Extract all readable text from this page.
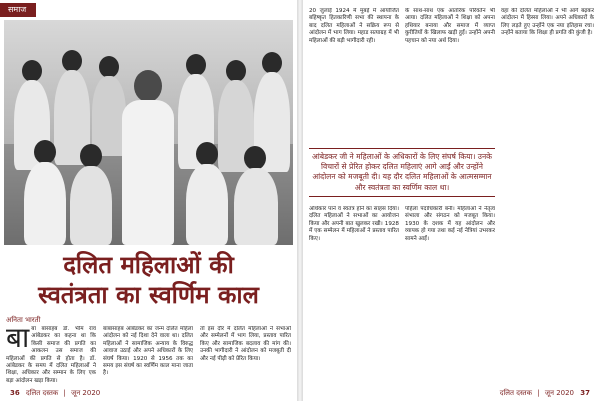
समाज
दलित महिलाओं की
स्वतंत्रता का स्वर्णिम काल
अनिता भारती
बाबा बासाहब डॉ. भीम राव आंबेडकर का कहना था कि किसी समाज की प्रगति का आकलन उस समाज की महिलाओं की प्रगति से होता है। डॉ. आंबेडकर के समय में दलित महिलाओं ने शिक्षा, अधिकार और सम्मान के लिए एक बड़ा आंदोलन खड़ा किया।
बाबासाहब आंबेडकर का जन्म दलित महिला आंदोलन को नई दिशा देने वाला था। दलित महिलाओं ने सामाजिक अन्याय के विरुद्ध आवाज उठाई और अपने अधिकारों के लिए संघर्ष किया। 1920 से 1956 तक का समय इस संघर्ष का स्वर्णिम काल माना जाता है।
तो इस दौर में दलित महिलाओं ने सभाओं और सम्मेलनों में भाग लिया, प्रस्ताव पारित किए और सामाजिक बदलाव की मांग की। उनकी भागीदारी ने आंदोलन को मजबूती दी और नई पीढ़ी को प्रेरित किया।
36 दलित दस्तक | जून 2020
20 जुलाई 1924 में मुंबई में आयोजित बहिष्कृत हितकारिणी सभा की स्थापना के बाद दलित महिलाओं ने सक्रिय रूप से आंदोलन में भाग लिया। महाड सत्याग्रह में भी महिलाओं की बड़ी भागीदारी रही।
के साथ-साथ एक आंतरिक परिवर्तन भी आया। दलित महिलाओं ने शिक्षा को अपना हथियार बनाया और समाज में व्याप्त कुरीतियों के खिलाफ खड़ी हुईं। उन्होंने अपनी पहचान को नया अर्थ दिया।
वहां की दलित महिलाओं ने भी आगे बढ़कर आंदोलन में हिस्सा लिया। अपने अधिकारों के लिए लड़ते हुए उन्होंने एक नया इतिहास रचा। उन्होंने बताया कि शिक्षा ही प्रगति की कुंजी है।
आंबेडकर जी ने महिलाओं के अधिकारों के लिए संघर्ष किया। उनके विचारों से प्रेरित होकर दलित महिलाएं आगे आईं और उन्होंने आंदोलन को मजबूती दी। यह दौर दलित महिलाओं के आत्मसम्मान और स्वतंत्रता का स्वर्णिम काल था।
अधिकार पाने व स्वतंत्र होने का साहस दिया। दलित महिलाओं ने सभाओं का आयोजन किया और अपनी बात खुलकर रखी। 1928 में एक सम्मेलन में महिलाओं ने प्रस्ताव पारित किए।
पहिला पदाधिकारी बनीं। महिलाओं ने नेतृत्व संभाला और संगठन को मजबूत किया। 1930 के दशक में यह आंदोलन और व्यापक हो गया तथा कई नई नेत्रियां उभरकर सामने आईं।
दलित दस्तक | जून 2020 37
